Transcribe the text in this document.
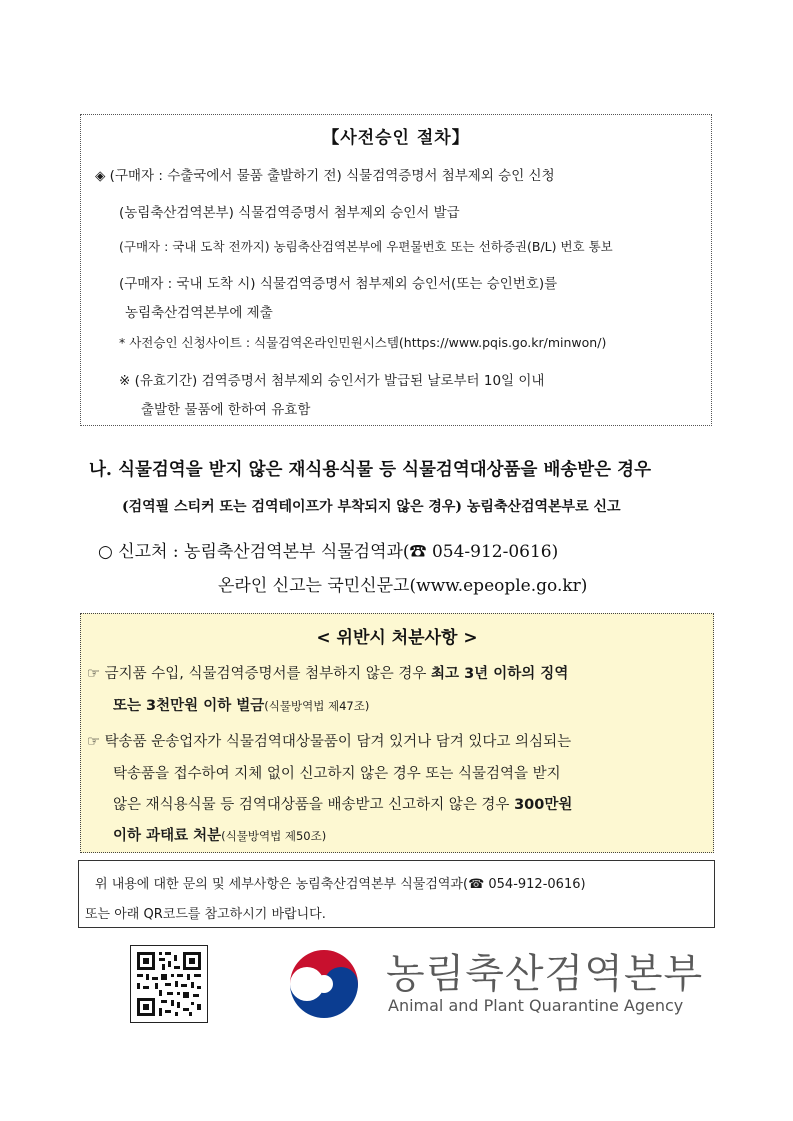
【사전승인 절차】
◈ (구매자 : 수출국에서 물품 출발하기 전) 식물검역증명서 첨부제외 승인 신청
(농림축산검역본부) 식물검역증명서 첨부제외 승인서 발급
(구매자 : 국내 도착 전까지) 농림축산검역본부에 우편물번호 또는 선하증권(B/L) 번호 통보
(구매자 : 국내 도착 시) 식물검역증명서 첨부제외 승인서(또는 승인번호)를
농림축산검역본부에 제출
* 사전승인 신청사이트 : 식물검역온라인민원시스템(https://www.pqis.go.kr/minwon/)
※ (유효기간) 검역증명서 첨부제외 승인서가 발급된 날로부터 10일 이내
출발한 물품에 한하여 유효함
나. 식물검역을 받지 않은 재식용식물 등 식물검역대상품을 배송받은 경우
(검역필 스티커 또는 검역테이프가 부착되지 않은 경우) 농림축산검역본부로 신고
○ 신고처 : 농림축산검역본부 식물검역과(☎ 054-912-0616)
온라인 신고는 국민신문고(www.epeople.go.kr)
< 위반시 처분사항 >
☞ 금지품 수입, 식물검역증명서를 첨부하지 않은 경우 최고 3년 이하의 징역
또는 3천만원 이하 벌금(식물방역법 제47조)
☞ 탁송품 운송업자가 식물검역대상물품이 담겨 있거나 담겨 있다고 의심되는
탁송품을 접수하여 지체 없이 신고하지 않은 경우 또는 식물검역을 받지
않은 재식용식물 등 검역대상품을 배송받고 신고하지 않은 경우 300만원
이하 과태료 처분(식물방역법 제50조)
위 내용에 대한 문의 및 세부사항은 농림축산검역본부 식물검역과(☎ 054-912-0616)
또는 아래 QR코드를 참고하시기 바랍니다.
농림축산검역본부
Animal and Plant Quarantine Agency
